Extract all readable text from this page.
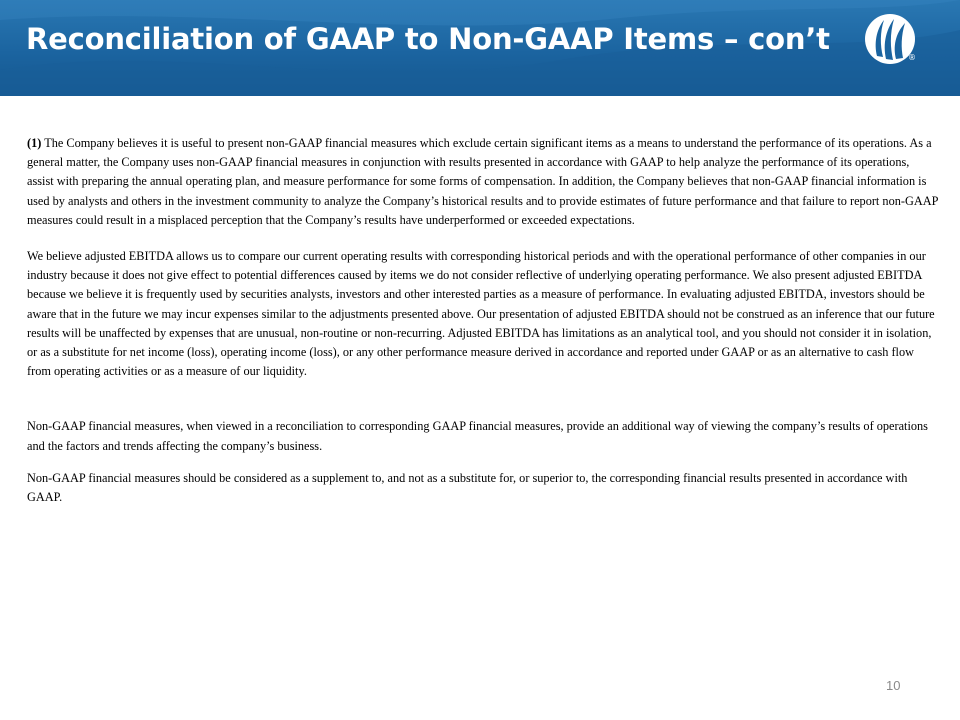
Reconciliation of GAAP to Non-GAAP Items – con’t
®

(1) The Company believes it is useful to present non-GAAP financial measures which exclude certain significant items as a means to understand the performance of its operations. As a general matter, the Company uses non-GAAP financial measures in conjunction with results presented in accordance with GAAP to help analyze the performance of its operations, assist with preparing the annual operating plan, and measure performance for some forms of compensation. In addition, the Company believes that non-GAAP financial information is used by analysts and others in the investment community to analyze the Company’s historical results and to provide estimates of future performance and that failure to report non-GAAP measures could result in a misplaced perception that the Company’s results have underperformed or exceeded expectations.

We believe adjusted EBITDA allows us to compare our current operating results with corresponding historical periods and with the operational performance of other companies in our industry because it does not give effect to potential differences caused by items we do not consider reflective of underlying operating performance. We also present adjusted EBITDA because we believe it is frequently used by securities analysts, investors and other interested parties as a measure of performance. In evaluating adjusted EBITDA, investors should be aware that in the future we may incur expenses similar to the adjustments presented above. Our presentation of adjusted EBITDA should not be construed as an inference that our future results will be unaffected by expenses that are unusual, non-routine or non-recurring. Adjusted EBITDA has limitations as an analytical tool, and you should not consider it in isolation, or as a substitute for net income (loss), operating income (loss), or any other performance measure derived in accordance and reported under GAAP or as an alternative to cash flow from operating activities or as a measure of our liquidity.

Non-GAAP financial measures, when viewed in a reconciliation to corresponding GAAP financial measures, provide an additional way of viewing the company’s results of operations and the factors and trends affecting the company’s business.

Non-GAAP financial measures should be considered as a supplement to, and not as a substitute for, or superior to, the corresponding financial results presented in accordance with GAAP.

10
